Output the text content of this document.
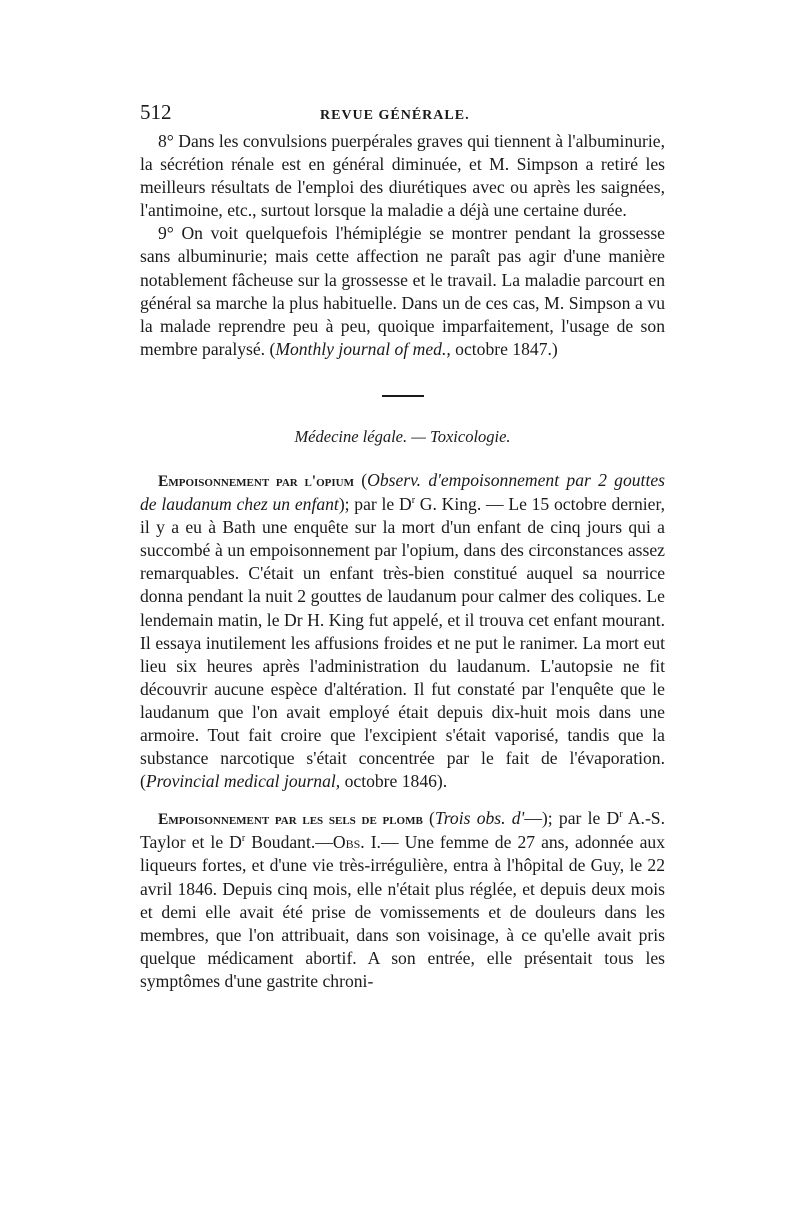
512	REVUE GÉNÉRALE.

8° Dans les convulsions puerpérales graves qui tiennent à l'albuminurie, la sécrétion rénale est en général diminuée, et M. Simpson a retiré les meilleurs résultats de l'emploi des diurétiques avec ou après les saignées, l'antimoine, etc., surtout lorsque la maladie a déjà une certaine durée.

9° On voit quelquefois l'hémiplégie se montrer pendant la grossesse sans albuminurie; mais cette affection ne paraît pas agir d'une manière notablement fâcheuse sur la grossesse et le travail. La maladie parcourt en général sa marche la plus habituelle. Dans un de ces cas, M. Simpson a vu la malade reprendre peu à peu, quoique imparfaitement, l'usage de son membre paralysé. (Monthly journal of med., octobre 1847.)

Médecine légale. — Toxicologie.

Empoisonnement par l'opium (Observ. d'empoisonnement par 2 gouttes de laudanum chez un enfant); par le $D^r$ G. King. — Le 15 octobre dernier, il y a eu à Bath une enquête sur la mort d'un enfant de cinq jours qui a succombé à un empoisonnement par l'opium, dans des circonstances assez remarquables. C'était un enfant très-bien constitué auquel sa nourrice donna pendant la nuit 2 gouttes de laudanum pour calmer des coliques. Le lendemain matin, le Dr H. King fut appelé, et il trouva cet enfant mourant. Il essaya inutilement les affusions froides et ne put le ranimer. La mort eut lieu six heures après l'administration du laudanum. L'autopsie ne fit découvrir aucune espèce d'altération. Il fut constaté par l'enquête que le laudanum que l'on avait employé était depuis dix-huit mois dans une armoire. Tout fait croire que l'excipient s'était vaporisé, tandis que la substance narcotique s'était concentrée par le fait de l'évaporation. (Provincial medical journal, octobre 1846).

Empoisonnement par les sels de plomb (Trois obs. d'—); par le $D^r$ A.-S. Taylor et le $D^r$ Boudant.—Obs. I.— Une femme de 27 ans, adonnée aux liqueurs fortes, et d'une vie très-irrégulière, entra à l'hôpital de Guy, le 22 avril 1846. Depuis cinq mois, elle n'était plus réglée, et depuis deux mois et demi elle avait été prise de vomissements et de douleurs dans les membres, que l'on attribuait, dans son voisinage, à ce qu'elle avait pris quelque médicament abortif. A son entrée, elle présentait tous les symptômes d'une gastrite chroni-
